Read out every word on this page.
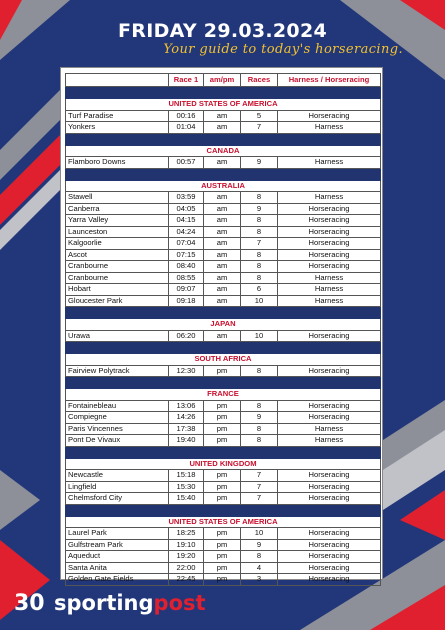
FRIDAY 29.03.2024
Your guide to today's horseracing.
	Race 1	am/pm	Races	Harness / Horseracing

UNITED STATES OF AMERICA				
Turf Paradise	00:16	am	5	Horseracing
Yonkers	01:04	am	7	Harness

CANADA				
Flamboro Downs	00:57	am	9	Harness

AUSTRALIA				
Stawell	03:59	am	8	Harness
Canberra	04:05	am	9	Horseracing
Yarra Valley	04:15	am	8	Horseracing
Launceston	04:24	am	8	Horseracing
Kalgoorlie	07:04	am	7	Horseracing
Ascot	07:15	am	8	Horseracing
Cranbourne	08:40	am	8	Horseracing
Cranbourne	08:55	am	8	Harness
Hobart	09:07	am	6	Harness
Gloucester Park	09:18	am	10	Harness

JAPAN				
Urawa	06:20	am	10	Horseracing

SOUTH AFRICA				
Fairview Polytrack	12:30	pm	8	Horseracing

FRANCE				
Fontainebleau	13:06	pm	8	Horseracing
Compiegne	14:26	pm	9	Horseracing
Paris Vincennes	17:38	pm	8	Harness
Pont De Vivaux	19:40	pm	8	Harness

UNITED KINGDOM				
Newcastle	15:18	pm	7	Horseracing
Lingfield	15:30	pm	7	Horseracing
Chelmsford City	15:40	pm	7	Horseracing

UNITED STATES OF AMERICA				
Laurel Park	18:25	pm	10	Horseracing
Gulfstream Park	19:10	pm	9	Horseracing
Aqueduct	19:20	pm	8	Horseracing
Santa Anita	22:00	pm	4	Horseracing
Golden Gate Fields	22:45	pm	3	Horseracing
30 sportingpost
